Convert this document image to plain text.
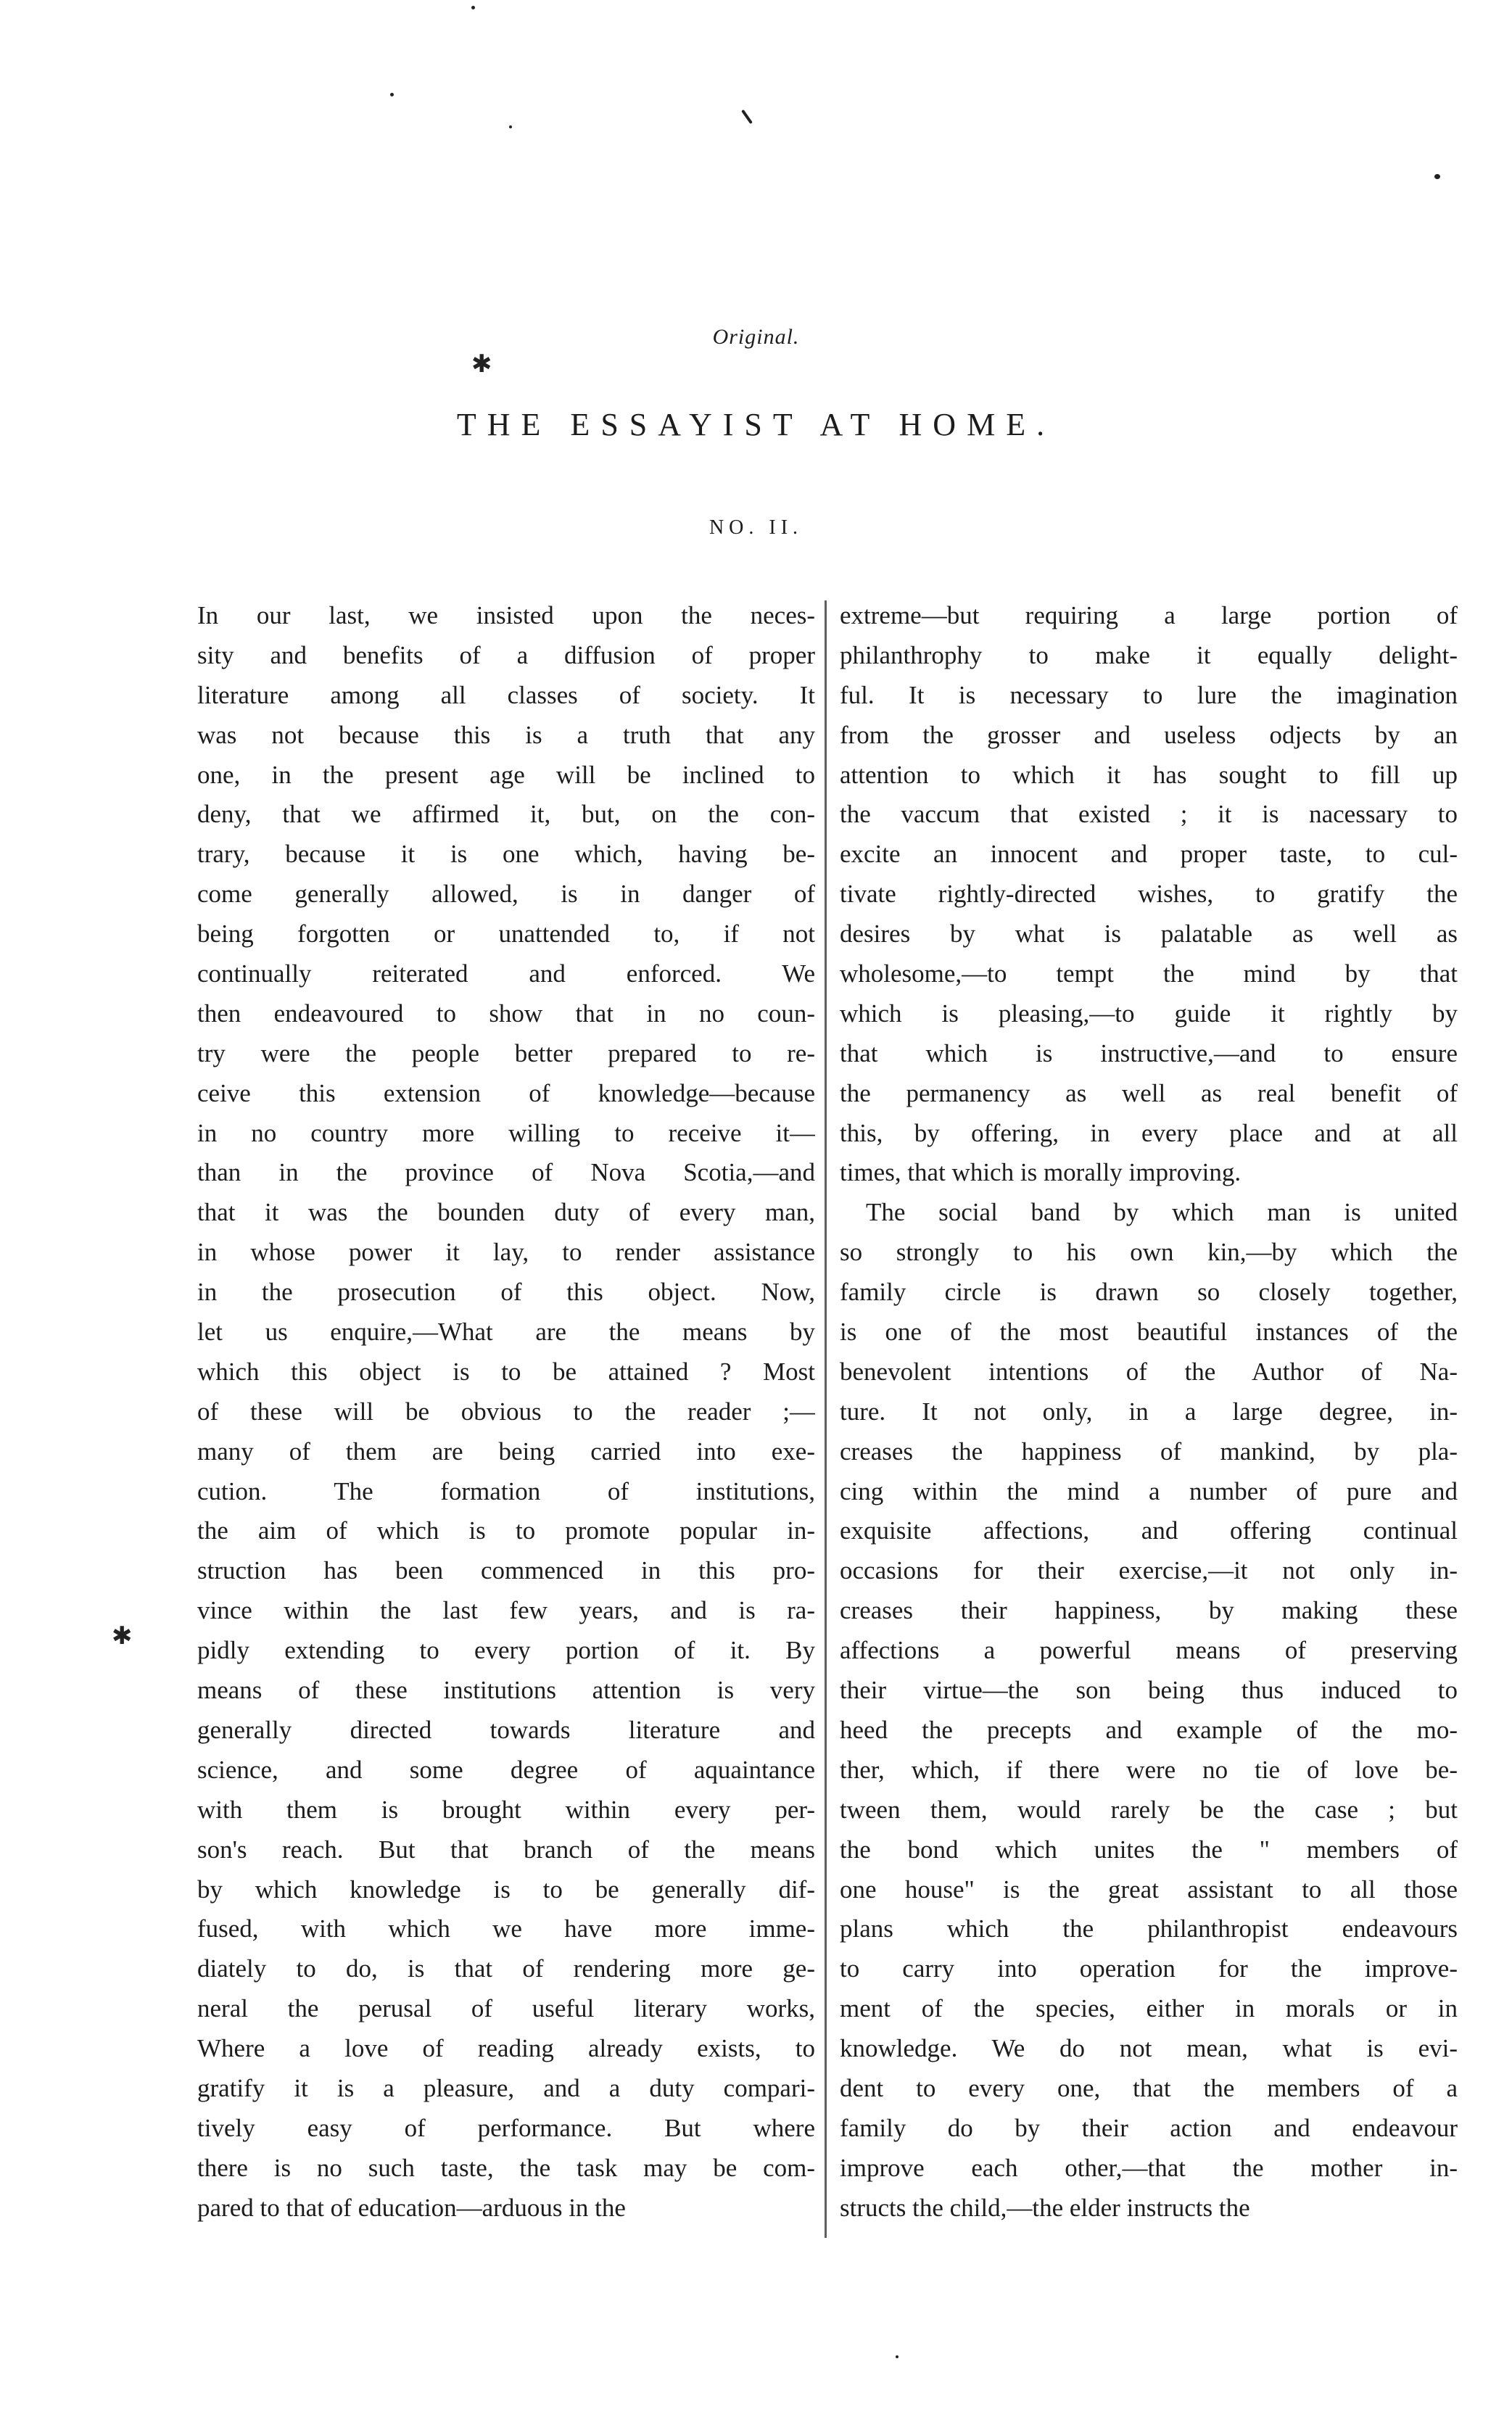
Original.
THE ESSAYIST AT HOME.
NO. II.
In our last, we insisted upon the neces-
sity and benefits of a diffusion of proper
literature among all classes of society. It
was not because this is a truth that any
one, in the present age will be inclined to
deny, that we affirmed it, but, on the con-
trary, because it is one which, having be-
come generally allowed, is in danger of
being forgotten or unattended to, if not
continually reiterated and enforced. We
then endeavoured to show that in no coun-
try were the people better prepared to re-
ceive this extension of knowledge—because
in no country more willing to receive it—
than in the province of Nova Scotia,—and
that it was the bounden duty of every man,
in whose power it lay, to render assistance
in the prosecution of this object. Now,
let us enquire,—What are the means by
which this object is to be attained ? Most
of these will be obvious to the reader ;—
many of them are being carried into exe-
cution. The formation of institutions,
the aim of which is to promote popular in-
struction has been commenced in this pro-
vince within the last few years, and is ra-
pidly extending to every portion of it. By
means of these institutions attention is very
generally directed towards literature and
science, and some degree of aquaintance
with them is brought within every per-
son's reach. But that branch of the means
by which knowledge is to be generally dif-
fused, with which we have more imme-
diately to do, is that of rendering more ge-
neral the perusal of useful literary works,
Where a love of reading already exists, to
gratify it is a pleasure, and a duty compari-
tively easy of performance. But where
there is no such taste, the task may be com-
pared to that of education—arduous in the
extreme—but requiring a large portion of
philanthrophy to make it equally delight-
ful. It is necessary to lure the imagination
from the grosser and useless odjects by an
attention to which it has sought to fill up
the vaccum that existed ; it is nacessary to
excite an innocent and proper taste, to cul-
tivate rightly-directed wishes, to gratify the
desires by what is palatable as well as
wholesome,—to tempt the mind by that
which is pleasing,—to guide it rightly by
that which is instructive,—and to ensure
the permanency as well as real benefit of
this, by offering, in every place and at all
times, that which is morally improving.
The social band by which man is united
so strongly to his own kin,—by which the
family circle is drawn so closely together,
is one of the most beautiful instances of the
benevolent intentions of the Author of Na-
ture. It not only, in a large degree, in-
creases the happiness of mankind, by pla-
cing within the mind a number of pure and
exquisite affections, and offering continual
occasions for their exercise,—it not only in-
creases their happiness, by making these
affections a powerful means of preserving
their virtue—the son being thus induced to
heed the precepts and example of the mo-
ther, which, if there were no tie of love be-
tween them, would rarely be the case ; but
the bond which unites the " members of
one house" is the great assistant to all those
plans which the philanthropist endeavours
to carry into operation for the improve-
ment of the species, either in morals or in
knowledge. We do not mean, what is evi-
dent to every one, that the members of a
family do by their action and endeavour
improve each other,—that the mother in-
structs the child,—the elder instructs the
✱
✱
